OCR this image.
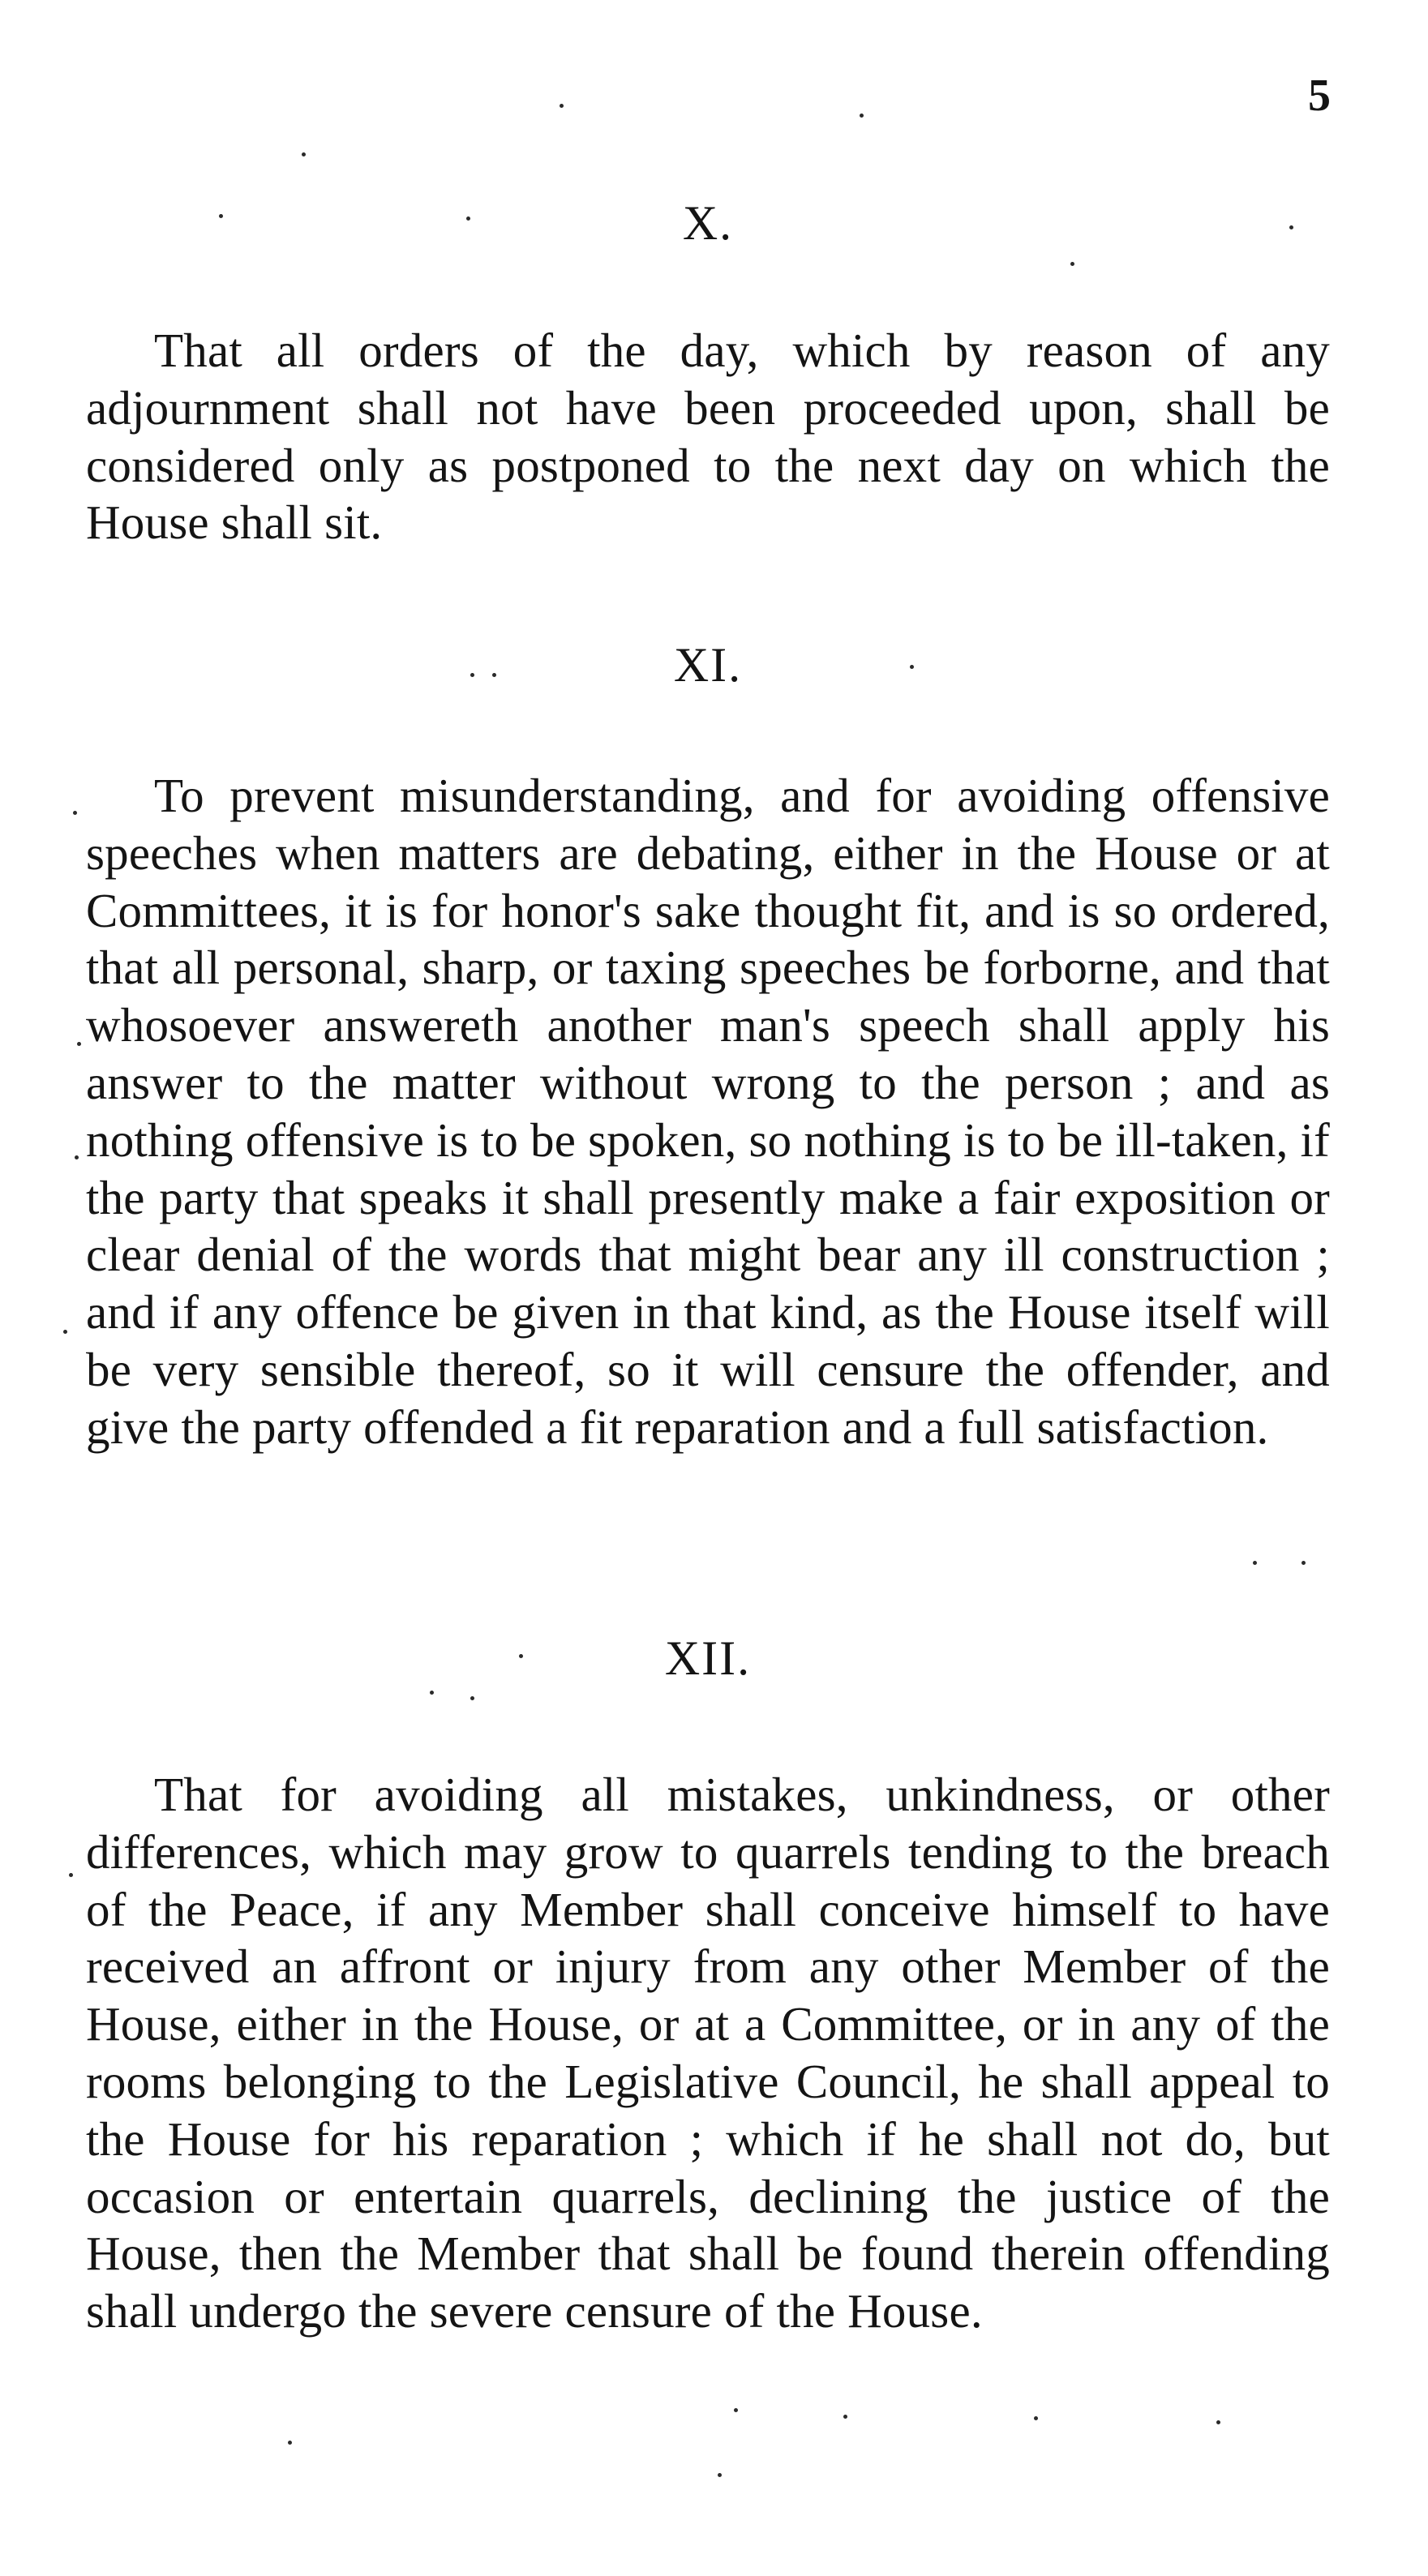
5
X.

That all orders of the day, which by reason of any adjournment shall not have been proceeded upon, shall be considered only as postponed to the next day on which the House shall sit.

XI.

To prevent misunderstanding, and for avoiding offensive speeches when matters are debating, either in the House or at Committees, it is for honor's sake thought fit, and is so ordered, that all personal, sharp, or taxing speeches be forborne, and that whosoever answereth another man's speech shall apply his answer to the matter without wrong to the person ; and as nothing offensive is to be spoken, so nothing is to be ill-taken, if the party that speaks it shall presently make a fair exposition or clear denial of the words that might bear any ill construction ; and if any offence be given in that kind, as the House itself will be very sensible thereof, so it will censure the offender, and give the party offended a fit reparation and a full satisfaction.

XII.

That for avoiding all mistakes, unkindness, or other differences, which may grow to quarrels tending to the breach of the Peace, if any Member shall conceive himself to have received an affront or injury from any other Member of the House, either in the House, or at a Committee, or in any of the rooms belonging to the Legislative Council, he shall appeal to the House for his reparation ; which if he shall not do, but occasion or entertain quarrels, declining the justice of the House, then the Member that shall be found therein offending shall undergo the severe censure of the House.
